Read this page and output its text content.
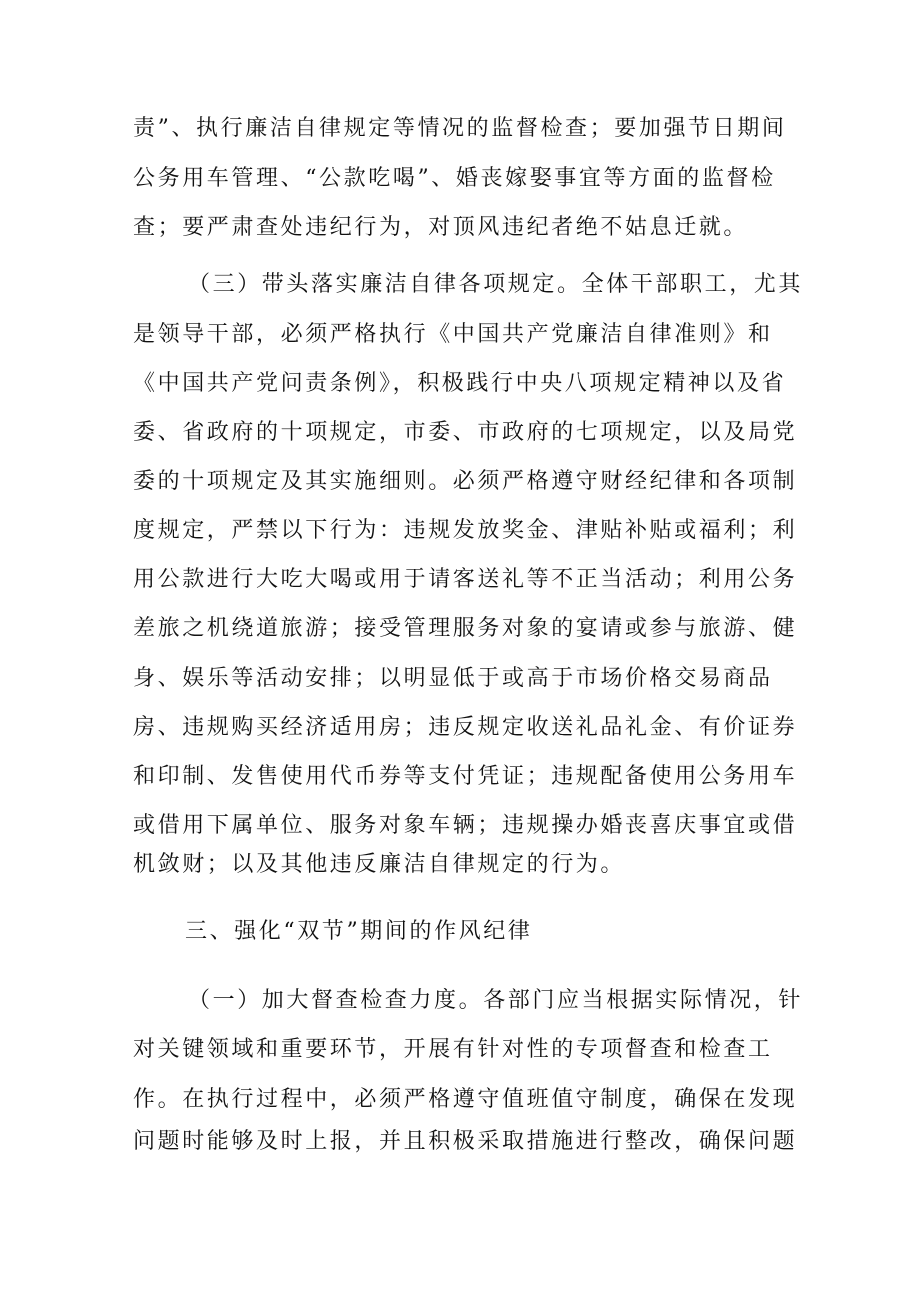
责”、执行廉洁自律规定等情况的监督检查；要加强节日期间
公务用车管理、“公款吃喝”、婚丧嫁娶事宜等方面的监督检
查；要严肃查处违纪行为，对顶风违纪者绝不姑息迁就。
（三）带头落实廉洁自律各项规定。全体干部职工，尤其
是领导干部，必须严格执行《中国共产党廉洁自律准则》和
《中国共产党问责条例》，积极践行中央八项规定精神以及省
委、省政府的十项规定，市委、市政府的七项规定，以及局党
委的十项规定及其实施细则。必须严格遵守财经纪律和各项制
度规定，严禁以下行为：违规发放奖金、津贴补贴或福利；利
用公款进行大吃大喝或用于请客送礼等不正当活动；利用公务
差旅之机绕道旅游；接受管理服务对象的宴请或参与旅游、健
身、娱乐等活动安排；以明显低于或高于市场价格交易商品
房、违规购买经济适用房；违反规定收送礼品礼金、有价证券
和印制、发售使用代币券等支付凭证；违规配备使用公务用车
或借用下属单位、服务对象车辆；违规操办婚丧喜庆事宜或借
机敛财；以及其他违反廉洁自律规定的行为。
三、强化“双节”期间的作风纪律
（一）加大督查检查力度。各部门应当根据实际情况，针
对关键领域和重要环节，开展有针对性的专项督查和检查工
作。在执行过程中，必须严格遵守值班值守制度，确保在发现
问题时能够及时上报，并且积极采取措施进行整改，确保问题
